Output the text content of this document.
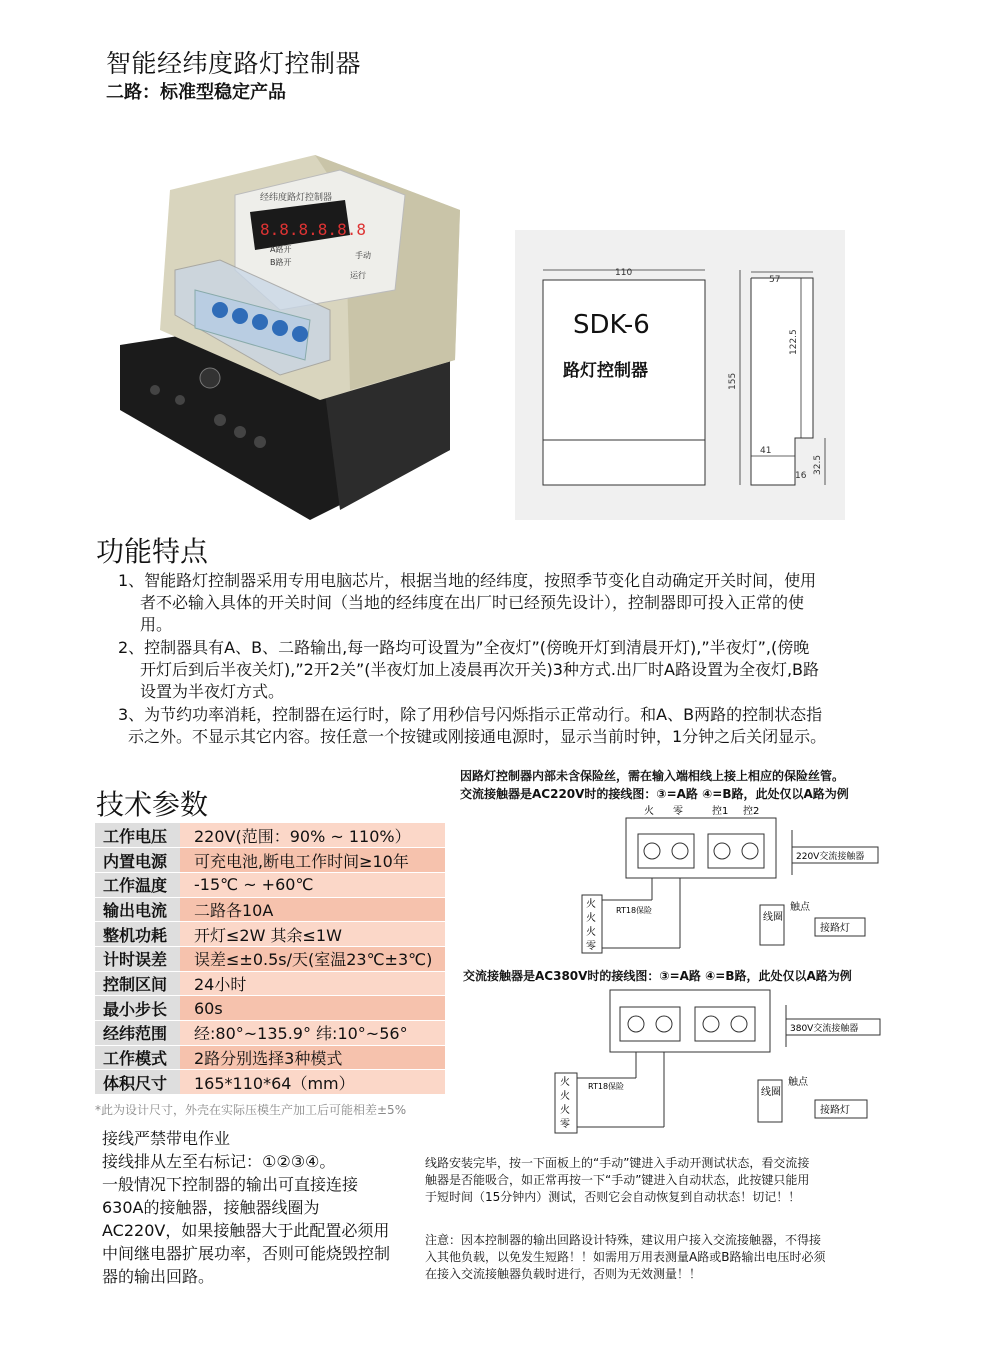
智能经纬度路灯控制器
二路：标准型稳定产品
经纬度路灯控制器
8.8.8.8.8.8
A路开
B路开
手动
运行	110
SDK-6
路灯控制器
57
155
122.5
41
16
32.5
功能特点
1、智能路灯控制器采用专用电脑芯片，根据当地的经纬度，按照季节变化自动确定开关时间，使用
者不必输入具体的开关时间（当地的经纬度在出厂时已经预先设计），控制器即可投入正常的使
用。
2、控制器具有A、B、二路输出,每一路均可设置为”全夜灯”(傍晚开灯到清晨开灯),”半夜灯”,(傍晚
开灯后到后半夜关灯),”2开2关”(半夜灯加上凌晨再次开关)3种方式.出厂时A路设置为全夜灯,B路
设置为半夜灯方式。
3、为节约功率消耗，控制器在运行时，除了用秒信号闪烁指示正常动行。和A、B两路的控制状态指
示之外。不显示其它内容。按任意一个按键或刚接通电源时，显示当前时钟，1分钟之后关闭显示。
技术参数
工作电压	220V(范围：90% ~ 110%）
内置电源	可充电池,断电工作时间≥10年
工作温度	-15℃ ~ +60℃
输出电流	二路各10A
整机功耗	开灯≤2W 其余≤1W
计时误差	误差≤±0.5s/天(室温23℃±3℃)
控制区间	24小时
最小步长	60s
经纬范围	经:80°~135.9° 纬:10°~56°
工作模式	2路分别选择3种模式
体积尺寸	165*110*64（mm）
*此为设计尺寸，外壳在实际压模生产加工后可能相差±5%
接线严禁带电作业
接线排从左至右标记：①②③④。
一般情况下控制器的输出可直接连接
630A的接触器，接触器线圈为
AC220V，如果接触器大于此配置必须用
中间继电器扩展功率，否则可能烧毁控制
器的输出回路。
因路灯控制器内部未含保险丝，需在输入端相线上接上相应的保险丝管。
交流接触器是AC220V时的接线图：③=A路 ④=B路，此处仅以A路为例
交流接触器是AC380V时的接线图：③=A路 ④=B路，此处仅以A路为例
火 零	控1 控2
220V交流接触器
火
火
火
零
RT18保险
线圈
触点
接路灯
380V交流接触器
火
火
火
零
RT18保险
线圈
触点
接路灯
线路安装完毕，按一下面板上的“手动”键进入手动开测试状态，看交流接
触器是否能吸合，如正常再按一下“手动”键进入自动状态，此按键只能用
于短时间（15分钟内）测试，否则它会自动恢复到自动状态！切记！！
注意：因本控制器的输出回路设计特殊，建议用户接入交流接触器，不得接
入其他负载，以免发生短路！！如需用万用表测量A路或B路输出电压时必须
在接入交流接触器负载时进行，否则为无效测量！！
